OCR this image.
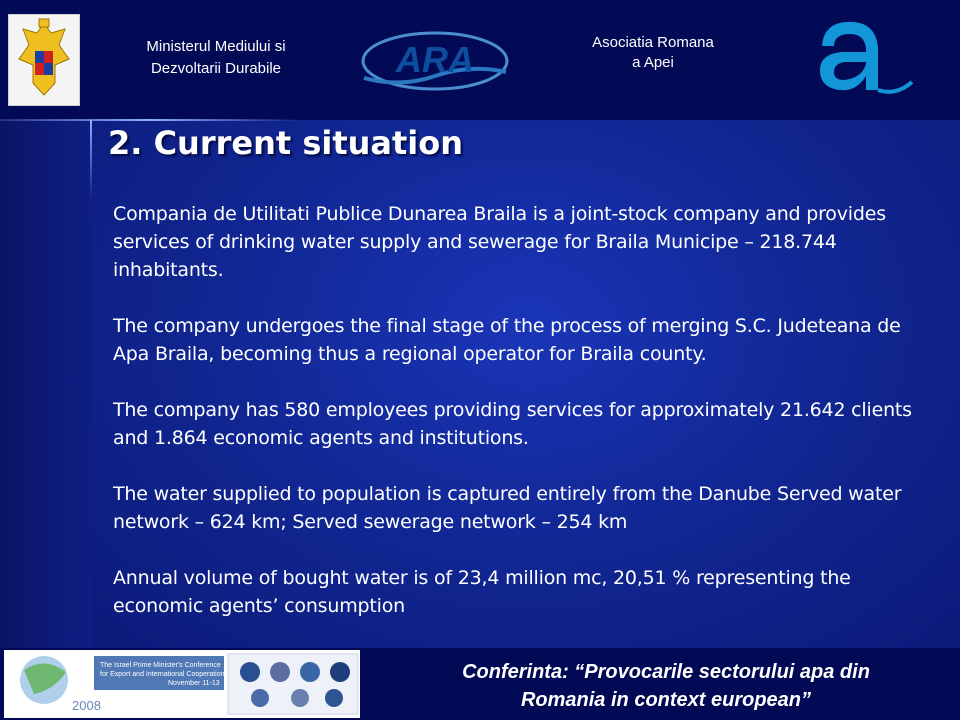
Ministerul Mediului si
Dezvoltarii Durabile	ARA	Asociatia Romana
a Apei
2. Current situation

Compania de Utilitati Publice Dunarea Braila is a joint-stock company and provides services of drinking water supply and sewerage for Braila Municipe – 218.744 inhabitants.

The company undergoes the final stage of the process of merging S.C. Judeteana de Apa Braila, becoming thus a regional operator for Braila county.

The company has 580 employees providing services for approximately 21.642 clients and 1.864 economic agents and institutions.

The water supplied to population is captured entirely from the Danube Served water network – 624 km; Served sewerage network – 254 km

Annual volume of bought water is of 23,4 million mc, 20,51 % representing the economic agents’ consumption

The Israel Prime Minister's Conference
for Export and International Cooperation
November 11-13
2008
Conferinta: “Provocarile sectorului apa din
Romania in context european”
